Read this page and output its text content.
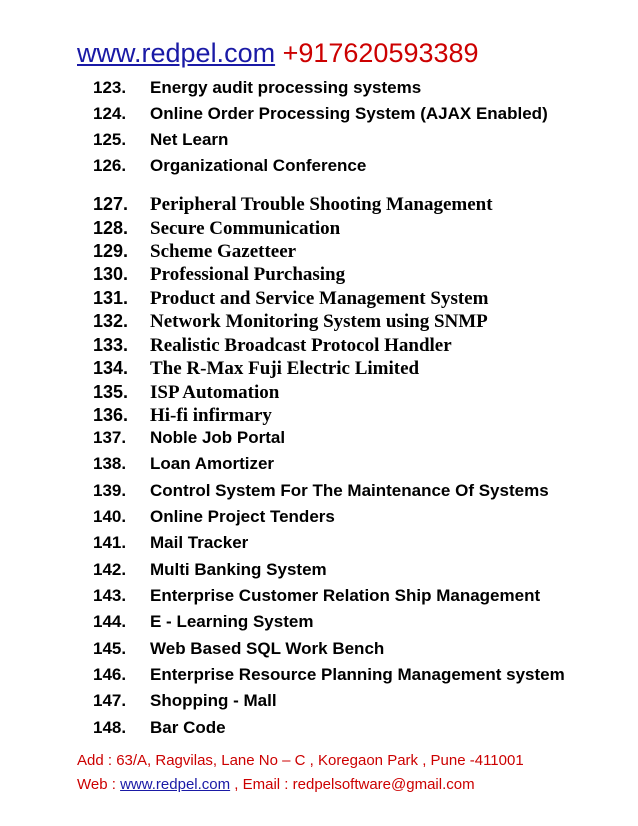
www.redpel.com +917620593389
123. Energy audit processing systems
124. Online Order Processing System (AJAX Enabled)
125. Net Learn
126. Organizational Conference
127. Peripheral Trouble Shooting Management
128. Secure Communication
129. Scheme Gazetteer
130. Professional Purchasing
131. Product and Service Management System
132. Network Monitoring System using SNMP
133. Realistic Broadcast Protocol Handler
134. The R-Max Fuji Electric Limited
135. ISP Automation
136. Hi-fi infirmary
137. Noble Job Portal
138. Loan Amortizer
139. Control System For The Maintenance Of Systems
140. Online Project Tenders
141. Mail Tracker
142. Multi Banking System
143. Enterprise Customer Relation Ship Management
144. E - Learning System
145. Web Based SQL Work Bench
146. Enterprise Resource Planning Management system
147. Shopping - Mall
148. Bar Code
Add : 63/A, Ragvilas, Lane No – C , Koregaon Park , Pune -411001
Web : www.redpel.com , Email : redpelsoftware@gmail.com
